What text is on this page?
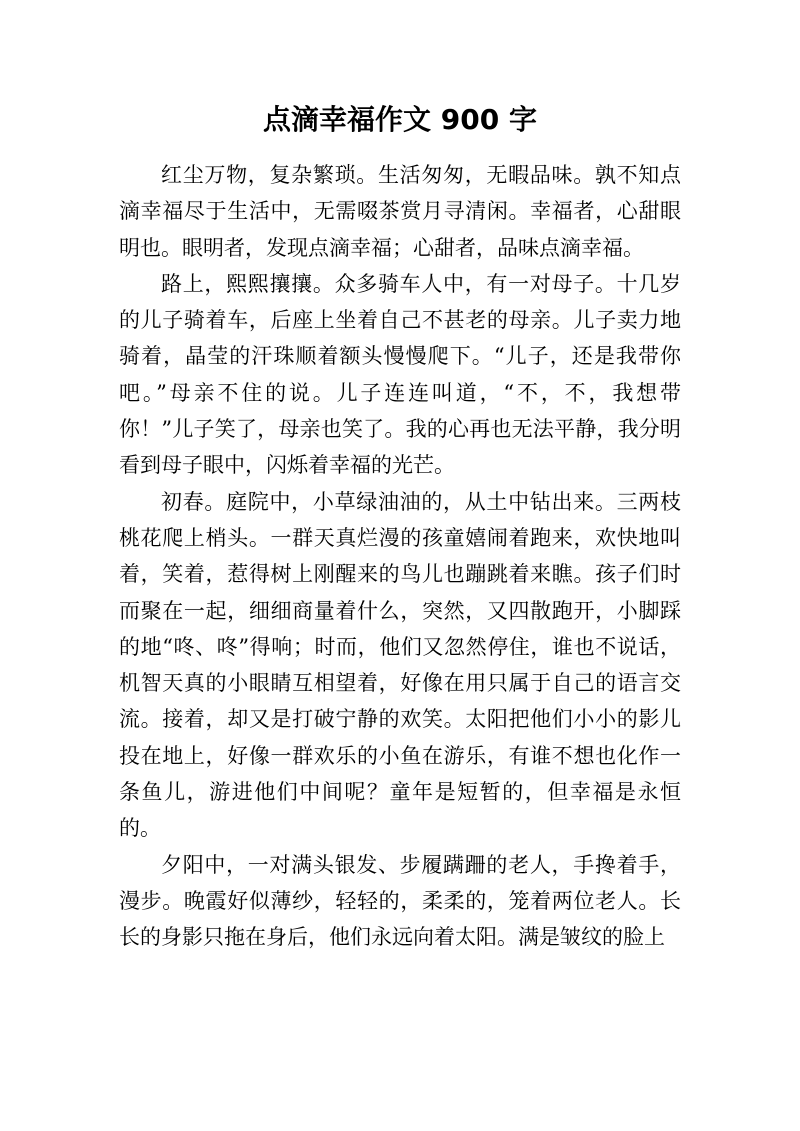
点滴幸福作文 900 字

红尘万物，复杂繁琐。生活匆匆，无暇品味。孰不知点滴幸福尽于生活中，无需啜茶赏月寻清闲。幸福者，心甜眼明也。眼明者，发现点滴幸福；心甜者，品味点滴幸福。

路上，熙熙攘攘。众多骑车人中，有一对母子。十几岁的儿子骑着车，后座上坐着自己不甚老的母亲。儿子卖力地骑着，晶莹的汗珠顺着额头慢慢爬下。“儿子，还是我带你吧。”母亲不住的说。儿子连连叫道，“不，不，我想带你！”儿子笑了，母亲也笑了。我的心再也无法平静，我分明看到母子眼中，闪烁着幸福的光芒。

初春。庭院中，小草绿油油的，从土中钻出来。三两枝桃花爬上梢头。一群天真烂漫的孩童嬉闹着跑来，欢快地叫着，笑着，惹得树上刚醒来的鸟儿也蹦跳着来瞧。孩子们时而聚在一起，细细商量着什么，突然，又四散跑开，小脚踩的地“咚、咚”得响；时而，他们又忽然停住，谁也不说话，机智天真的小眼睛互相望着，好像在用只属于自己的语言交流。接着，却又是打破宁静的欢笑。太阳把他们小小的影儿投在地上，好像一群欢乐的小鱼在游乐，有谁不想也化作一条鱼儿，游进他们中间呢？童年是短暂的，但幸福是永恒的。

夕阳中，一对满头银发、步履蹒跚的老人，手搀着手，漫步。晚霞好似薄纱，轻轻的，柔柔的，笼着两位老人。长长的身影只拖在身后，他们永远向着太阳。满是皱纹的脸上
